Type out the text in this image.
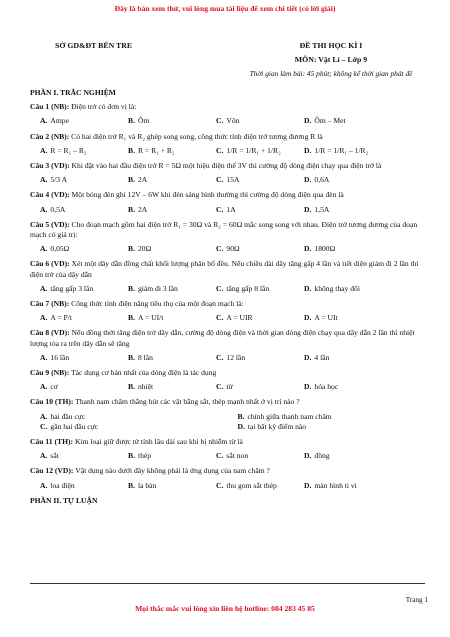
Đây là bản xem thử, vui lòng mua tài liệu để xem chi tiết (có lời giải)
SỞ GD&ĐT BẾN TRE	ĐỀ THI HỌC KÌ I
MÔN: Vật Lí – Lớp 9
Thời gian làm bài: 45 phút; không kể thời gian phát đề
PHẦN I. TRẮC NGHIỆM
Câu 1 (NB): Điện trở có đơn vị là:
A. Ampe	B. Ôm	C. Vôn	D. Ôm – Met
Câu 2 (NB): Có hai điện trở R₁ và R₂ ghép song song, công thức tính điện trở tương đương R là
A. R = R₁ – R₂	B. R = R₁ + R₂	C. 1/R = 1/R₁ + 1/R₂	D. 1/R = 1/R₁ – 1/R₂
Câu 3 (VD): Khi đặt vào hai đầu điện trở R = 5Ω một hiệu điện thế 3V thì cường độ dòng điện chạy qua điện trở là
A. 5/3 A	B. 2A	C. 15A	D. 0,6A
Câu 4 (VD): Một bóng đèn ghi 12V – 6W khi đèn sáng bình thường thì cường độ dòng điện qua đèn là
A. 0,5A	B. 2A	C. 1A	D. 1,5A
Câu 5 (VD): Cho đoạn mạch gồm hai điện trở R₁ = 30Ω và R₂ = 60Ω mắc song song với nhau. Điện trở tương đương của đoạn mạch có giá trị:
A. 0,05Ω	B. 20Ω	C. 90Ω	D. 1800Ω
Câu 6 (VD): Xét một dây dẫn đồng chất khối lượng phân bố đều. Nếu chiều dài dây tăng gấp 4 lần và tiết diện giảm đi 2 lần thì điện trở của dây dẫn
A. tăng gấp 3 lần	B. giảm đi 3 lần	C. tăng gấp 8 lần	D. không thay đổi
Câu 7 (NB): Công thức tính điện năng tiêu thụ của một đoạn mạch là:
A. A = P/t	B. A = UI/t	C. A = UIR	D. A = UIt
Câu 8 (VD): Nếu đồng thời tăng điện trở dây dẫn, cường độ dòng điện và thời gian dòng điện chạy qua dây dẫn 2 lần thì nhiệt lượng tỏa ra trên dây dẫn sẽ tăng
A. 16 lần	B. 8 lần	C. 12 lần	D. 4 lần
Câu 9 (NB): Tác dụng cơ bản nhất của dòng điện là tác dụng
A. cơ	B. nhiệt	C. từ	D. hóa học
Câu 10 (TH): Thanh nam châm thẳng hút các vật bằng sắt, thép mạnh nhất ở vị trí nào ?
A. hai đầu cực	B. chính giữa thanh nam châm
C. gần hai đầu cực	D. tại bất kỳ điểm nào
Câu 11 (TH): Kim loại giữ được từ tính lâu dài sau khi bị nhiễm từ là
A. sắt	B. thép	C. sắt non	D. đồng
Câu 12 (VD): Vật dụng nào dưới đây không phải là ứng dụng của nam châm ?
A. loa điện	B. la bàn	C. thu gom sắt thép	D. màn hình ti vi
PHẦN II. TỰ LUẬN
Trang 1
Mọi thắc mắc vui lòng xin liên hệ hotline: 084 283 45 85
